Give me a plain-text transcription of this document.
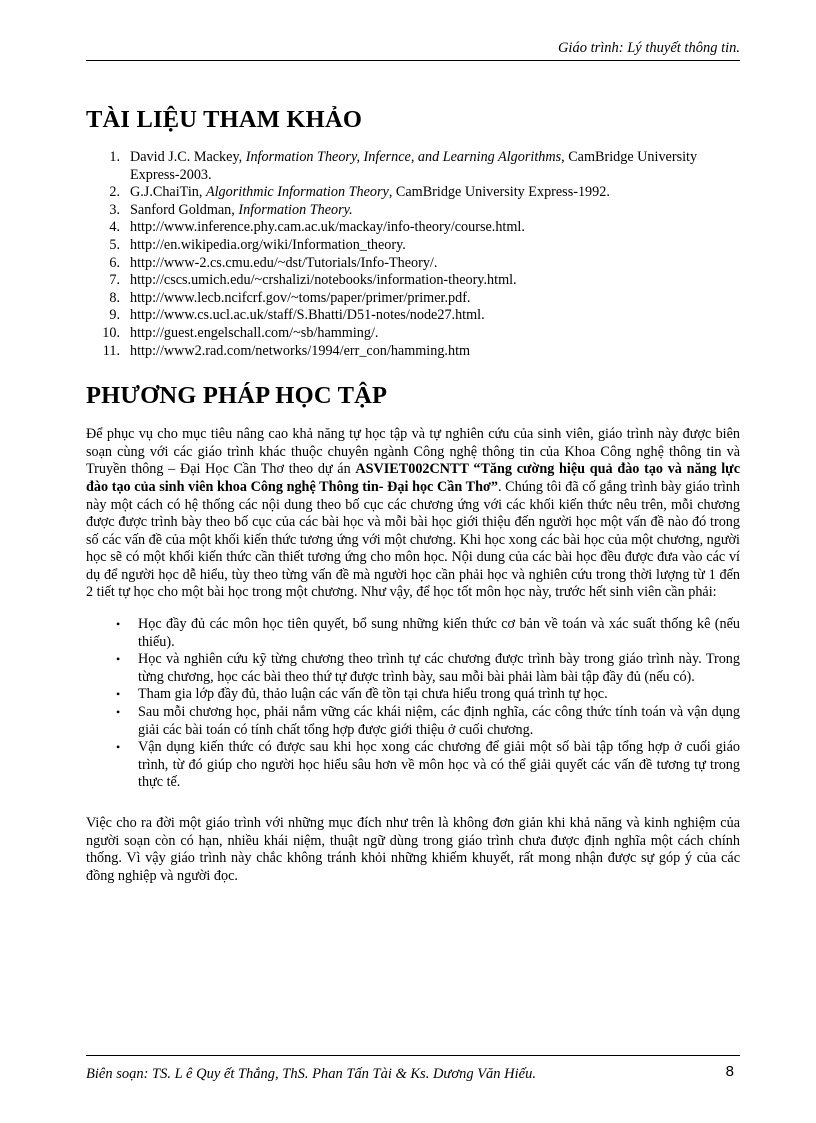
Giáo trình: Lý thuyết thông tin.
TÀI LIỆU THAM KHẢO
1. David J.C. Mackey, Information Theory, Infernce, and Learning Algorithms, CamBridge University Express-2003.
2. G.J.ChaiTin, Algorithmic Information Theory, CamBridge University Express-1992.
3. Sanford Goldman, Information Theory.
4. http://www.inference.phy.cam.ac.uk/mackay/info-theory/course.html.
5. http://en.wikipedia.org/wiki/Information_theory.
6. http://www-2.cs.cmu.edu/~dst/Tutorials/Info-Theory/.
7. http://cscs.umich.edu/~crshalizi/notebooks/information-theory.html.
8. http://www.lecb.ncifcrf.gov/~toms/paper/primer/primer.pdf.
9. http://www.cs.ucl.ac.uk/staff/S.Bhatti/D51-notes/node27.html.
10. http://guest.engelschall.com/~sb/hamming/.
11. http://www2.rad.com/networks/1994/err_con/hamming.htm
PHƯƠNG PHÁP HỌC TẬP

Để phục vụ cho mục tiêu nâng cao khả năng tự học tập và tự nghiên cứu của sinh viên, giáo trình này được biên soạn cùng với các giáo trình khác thuộc chuyên ngành Công nghệ thông tin của Khoa Công nghệ thông tin và Truyền thông – Đại Học Cần Thơ theo dự án ASVIET002CNTT “Tăng cường hiệu quả đào tạo và năng lực đào tạo của sinh viên khoa Công nghệ Thông tin- Đại học Cần Thơ”. Chúng tôi đã cố gắng trình bày giáo trình này một cách có hệ thống các nội dung theo bố cục các chương ứng với các khối kiến thức nêu trên, mỗi chương được được trình bày theo bố cục của các bài học và mỗi bài học giới thiệu đến người học một vấn đề nào đó trong số các vấn đề của một khối kiến thức tương ứng với một chương. Khi học xong các bài học của một chương, người học sẽ có một khối kiến thức cần thiết tương ứng cho môn học. Nội dung của các bài học đều được đưa vào các ví dụ để người học dễ hiểu, tùy theo từng vấn đề mà người học cần phải học và nghiên cứu trong thời lượng từ 1 đến 2 tiết tự học cho một bài học trong một chương. Như vậy, để học tốt môn học này, trước hết sinh viên cần phải:

• Học đầy đủ các môn học tiên quyết, bổ sung những kiến thức cơ bản về toán và xác suất thống kê (nếu thiếu).
• Học và nghiên cứu kỹ từng chương theo trình tự các chương được trình bày trong giáo trình này. Trong từng chương, học các bài theo thứ tự được trình bày, sau mỗi bài phải làm bài tập đầy đủ (nếu có).
• Tham gia lớp đầy đủ, thảo luận các vấn đề tồn tại chưa hiểu trong quá trình tự học.
• Sau mỗi chương học, phải nắm vững các khái niệm, các định nghĩa, các công thức tính toán và vận dụng giải các bài toán có tính chất tổng hợp được giới thiệu ở cuối chương.
• Vận dụng kiến thức có được sau khi học xong các chương để giải một số bài tập tổng hợp ở cuối giáo trình, từ đó giúp cho người học hiểu sâu hơn về môn học và có thể giải quyết các vấn đề tương tự trong thực tế.

Việc cho ra đời một giáo trình với những mục đích như trên là không đơn giản khi khả năng và kinh nghiệm của người soạn còn có hạn, nhiều khái niệm, thuật ngữ dùng trong giáo trình chưa được định nghĩa một cách chính thống. Vì vậy giáo trình này chắc không tránh khỏi những khiếm khuyết, rất mong nhận được sự góp ý của các đồng nghiệp và người đọc.

Biên soạn: TS. L ê Quy ết Thắng, ThS. Phan Tấn Tài & Ks. Dương Văn Hiếu.	8
